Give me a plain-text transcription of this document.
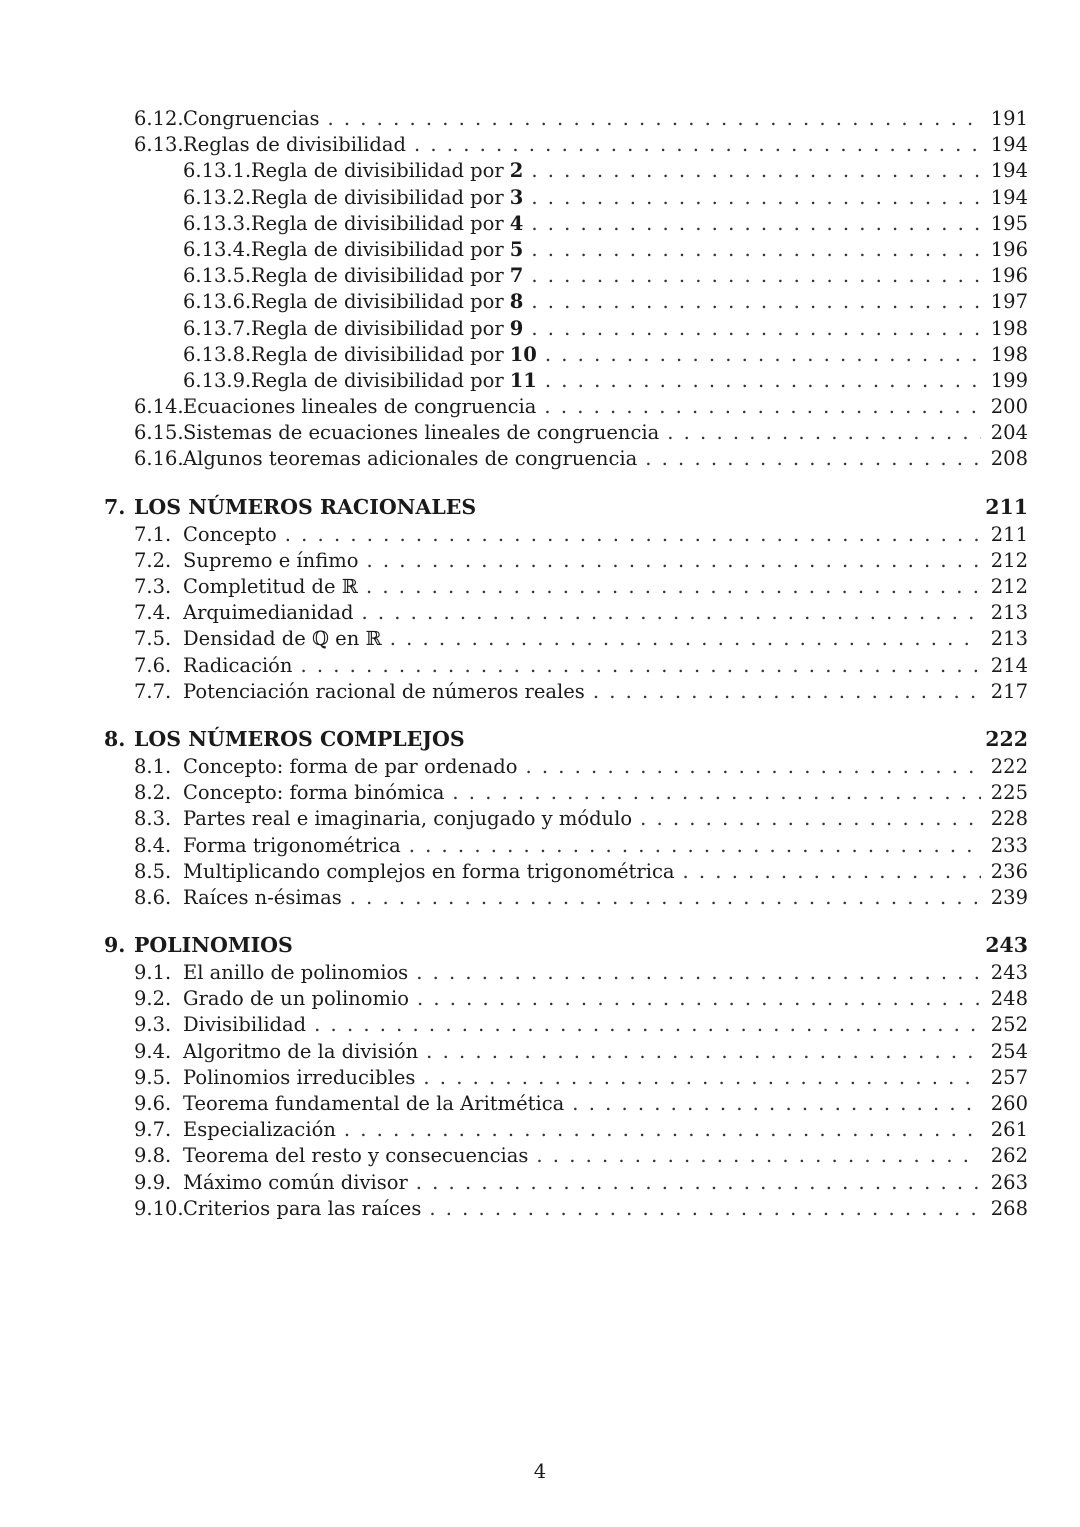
6.12. Congruencias . . .	191
6.13. Reglas de divisibilidad . . .	194
6.13.1. Regla de divisibilidad por 2 . . .	194
6.13.2. Regla de divisibilidad por 3 . . .	194
6.13.3. Regla de divisibilidad por 4 . . .	195
6.13.4. Regla de divisibilidad por 5 . . .	196
6.13.5. Regla de divisibilidad por 7 . . .	196
6.13.6. Regla de divisibilidad por 8 . . .	197
6.13.7. Regla de divisibilidad por 9 . . .	198
6.13.8. Regla de divisibilidad por 10 . . .	198
6.13.9. Regla de divisibilidad por 11 . . .	199
6.14. Ecuaciones lineales de congruencia . . .	200
6.15. Sistemas de ecuaciones lineales de congruencia . . .	204
6.16. Algunos teoremas adicionales de congruencia . . .	208
7. LOS NÚMEROS RACIONALES	211
7.1. Concepto . . .	211
7.2. Supremo e ínfimo . . .	212
7.3. Completitud de ℝ . . .	212
7.4. Arquimedianidad . . .	213
7.5. Densidad de ℚ en ℝ . . .	213
7.6. Radicación . . .	214
7.7. Potenciación racional de números reales . . .	217
8. LOS NÚMEROS COMPLEJOS	222
8.1. Concepto: forma de par ordenado . . .	222
8.2. Concepto: forma binómica . . .	225
8.3. Partes real e imaginaria, conjugado y módulo . . .	228
8.4. Forma trigonométrica . . .	233
8.5. Multiplicando complejos en forma trigonométrica . . .	236
8.6. Raíces n-ésimas . . .	239
9. POLINOMIOS	243
9.1. El anillo de polinomios . . .	243
9.2. Grado de un polinomio . . .	248
9.3. Divisibilidad . . .	252
9.4. Algoritmo de la división . . .	254
9.5. Polinomios irreducibles . . .	257
9.6. Teorema fundamental de la Aritmética . . .	260
9.7. Especialización . . .	261
9.8. Teorema del resto y consecuencias . . .	262
9.9. Máximo común divisor . . .	263
9.10. Criterios para las raíces . . .	268
4
